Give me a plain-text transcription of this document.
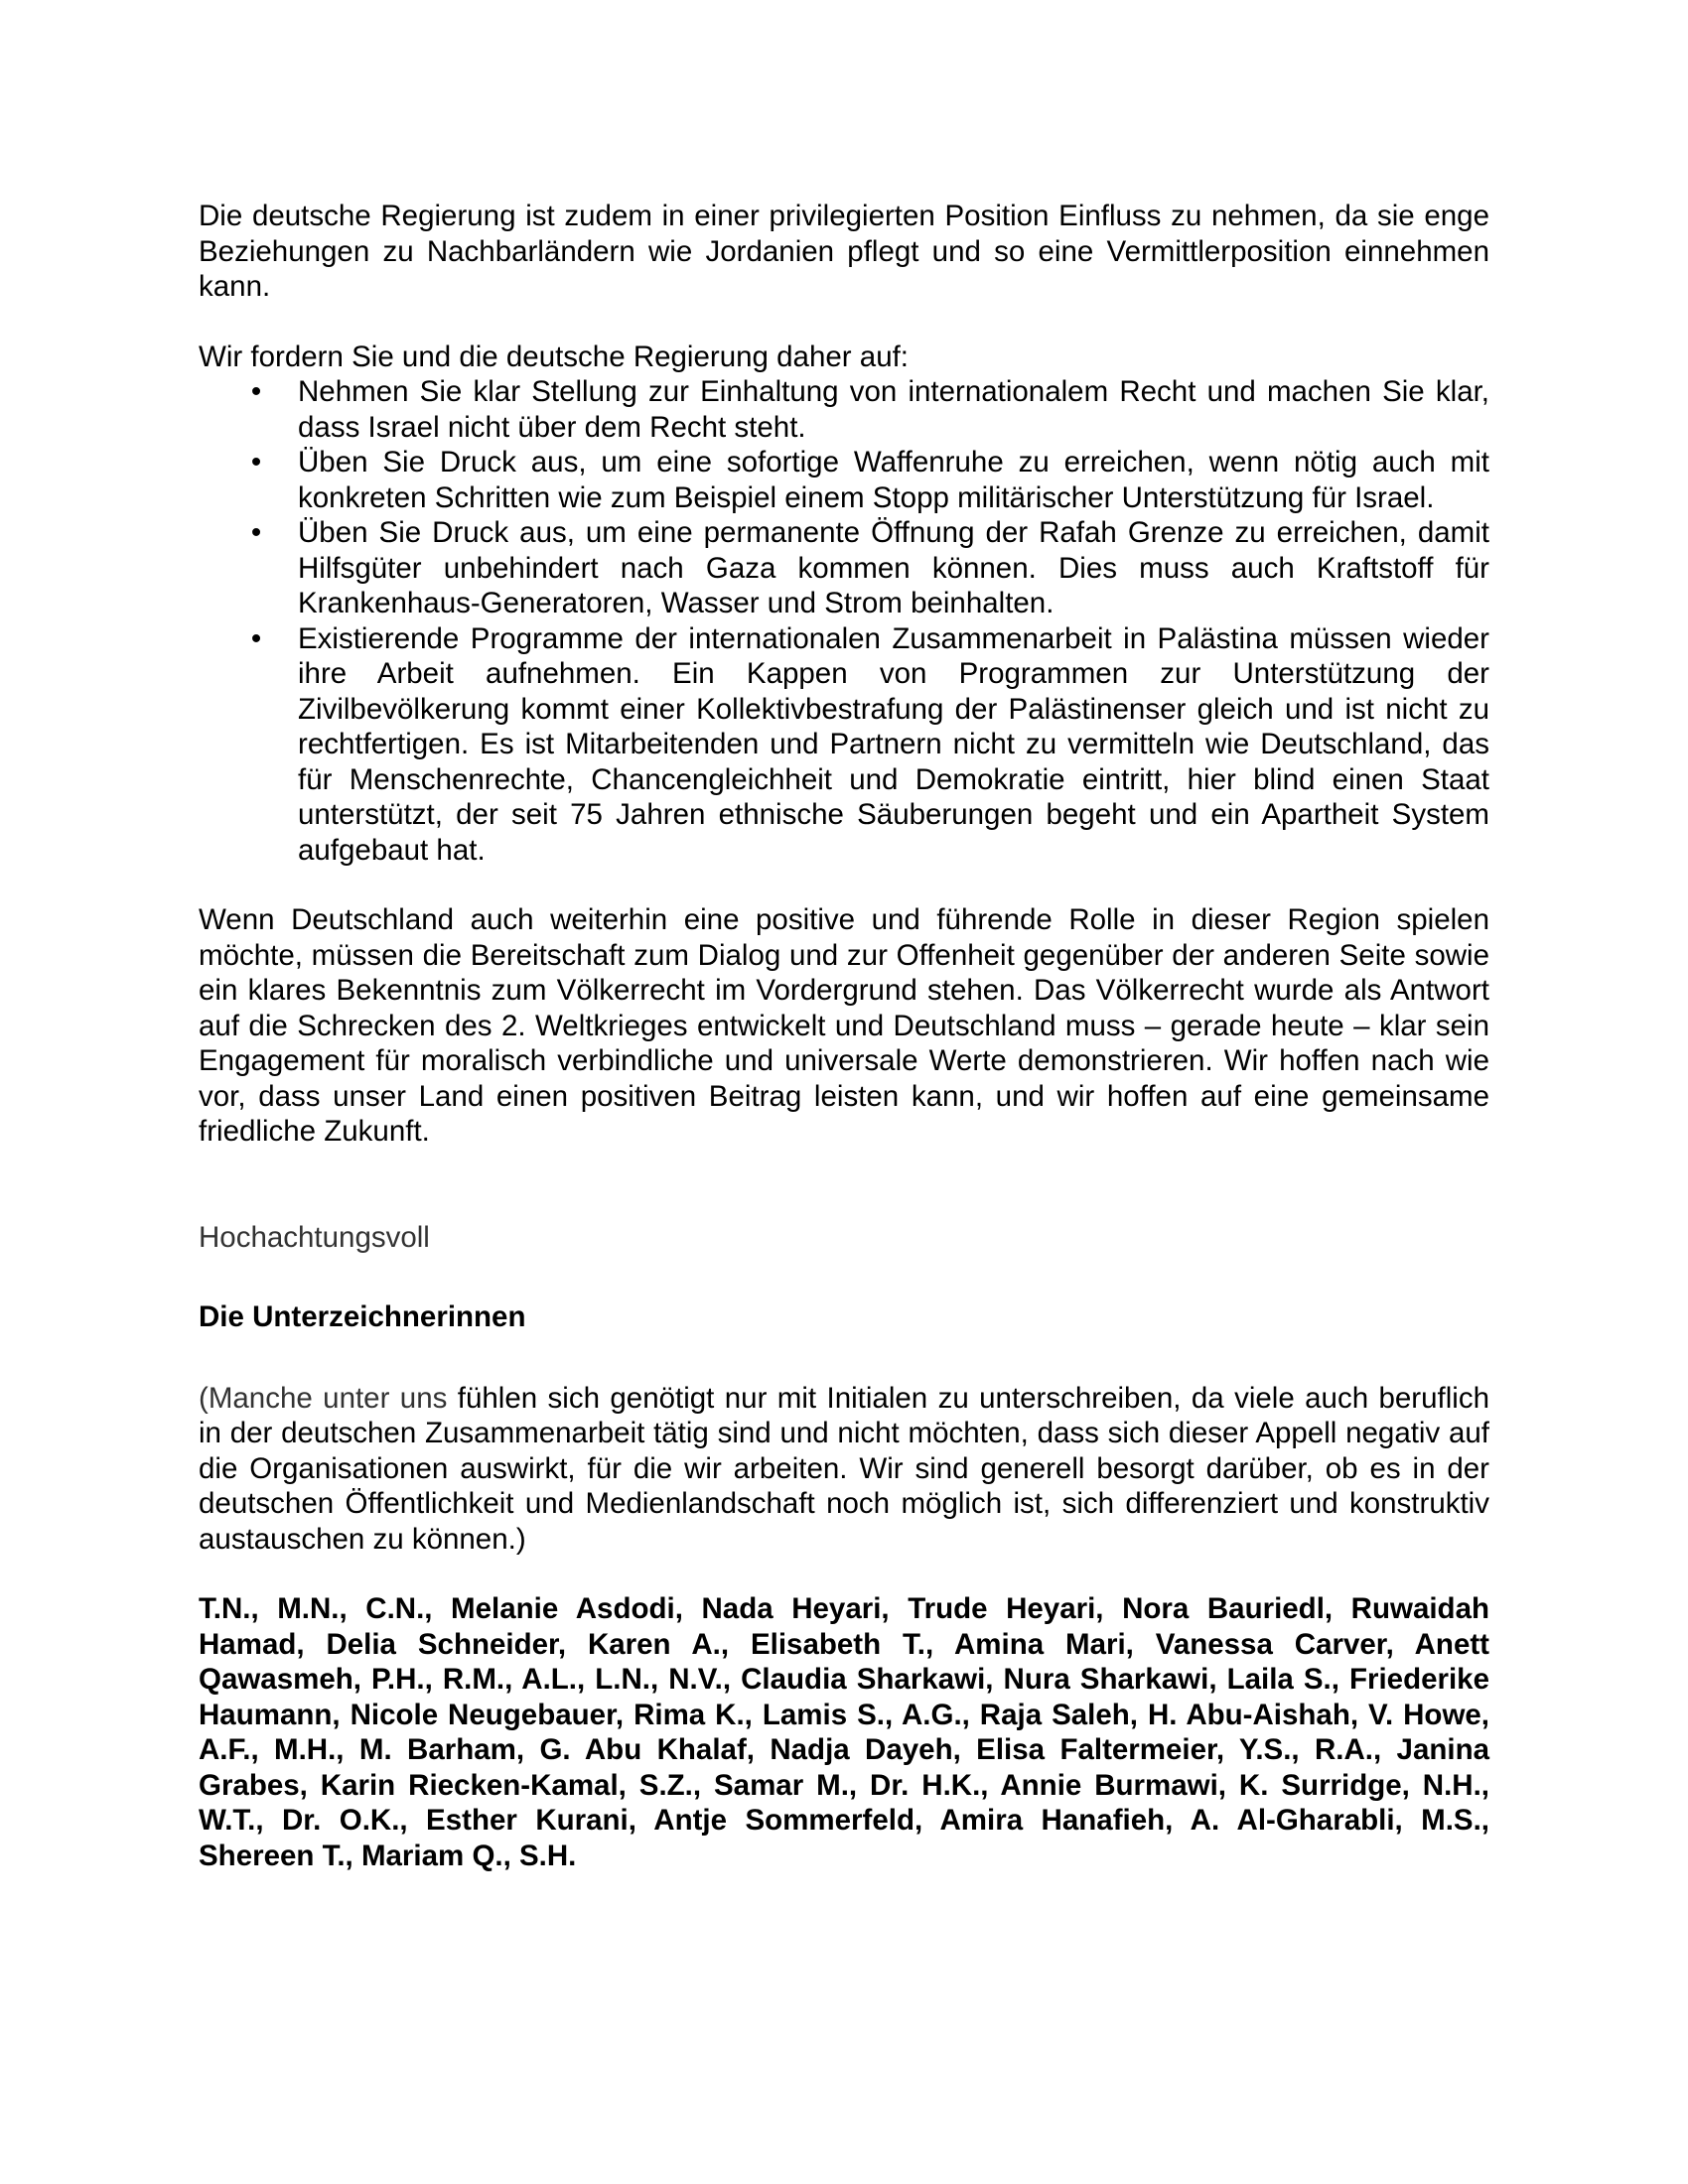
Die deutsche Regierung ist zudem in einer privilegierten Position Einfluss zu nehmen, da sie enge Beziehungen zu Nachbarländern wie Jordanien pflegt und so eine Vermittlerposition einnehmen kann.

Wir fordern Sie und die deutsche Regierung daher auf:

• Nehmen Sie klar Stellung zur Einhaltung von internationalem Recht und machen Sie klar, dass Israel nicht über dem Recht steht.
• Üben Sie Druck aus, um eine sofortige Waffenruhe zu erreichen, wenn nötig auch mit konkreten Schritten wie zum Beispiel einem Stopp militärischer Unterstützung für Israel.
• Üben Sie Druck aus, um eine permanente Öffnung der Rafah Grenze zu erreichen, damit Hilfsgüter unbehindert nach Gaza kommen können. Dies muss auch Kraftstoff für Krankenhaus-Generatoren, Wasser und Strom beinhalten.
• Existierende Programme der internationalen Zusammenarbeit in Palästina müssen wieder ihre Arbeit aufnehmen. Ein Kappen von Programmen zur Unterstützung der Zivilbevölkerung kommt einer Kollektivbestrafung der Palästinenser gleich und ist nicht zu rechtfertigen. Es ist Mitarbeitenden und Partnern nicht zu vermitteln wie Deutschland, das für Menschenrechte, Chancengleichheit und Demokratie eintritt, hier blind einen Staat unterstützt, der seit 75 Jahren ethnische Säuberungen begeht und ein Apartheit System aufgebaut hat.

Wenn Deutschland auch weiterhin eine positive und führende Rolle in dieser Region spielen möchte, müssen die Bereitschaft zum Dialog und zur Offenheit gegenüber der anderen Seite sowie ein klares Bekenntnis zum Völkerrecht im Vordergrund stehen. Das Völkerrecht wurde als Antwort auf die Schrecken des 2. Weltkrieges entwickelt und Deutschland muss – gerade heute – klar sein Engagement für moralisch verbindliche und universale Werte demonstrieren. Wir hoffen nach wie vor, dass unser Land einen positiven Beitrag leisten kann, und wir hoffen auf eine gemeinsame friedliche Zukunft.

Hochachtungsvoll

Die Unterzeichnerinnen

(Manche unter uns fühlen sich genötigt nur mit Initialen zu unterschreiben, da viele auch beruflich in der deutschen Zusammenarbeit tätig sind und nicht möchten, dass sich dieser Appell negativ auf die Organisationen auswirkt, für die wir arbeiten. Wir sind generell besorgt darüber, ob es in der deutschen Öffentlichkeit und Medienlandschaft noch möglich ist, sich differenziert und konstruktiv austauschen zu können.)

T.N., M.N., C.N., Melanie Asdodi, Nada Heyari, Trude Heyari, Nora Bauriedl, Ruwaidah Hamad, Delia Schneider, Karen A., Elisabeth T., Amina Mari, Vanessa Carver, Anett Qawasmeh, P.H., R.M., A.L., L.N., N.V., Claudia Sharkawi, Nura Sharkawi, Laila S., Friederike Haumann, Nicole Neugebauer, Rima K., Lamis S., A.G., Raja Saleh, H. Abu-Aishah, V. Howe, A.F., M.H., M. Barham, G. Abu Khalaf, Nadja Dayeh, Elisa Faltermeier, Y.S., R.A., Janina Grabes, Karin Riecken-Kamal, S.Z., Samar M., Dr. H.K., Annie Burmawi, K. Surridge, N.H., W.T., Dr. O.K., Esther Kurani, Antje Sommerfeld, Amira Hanafieh, A. Al-Gharabli, M.S., Shereen T., Mariam Q., S.H.
